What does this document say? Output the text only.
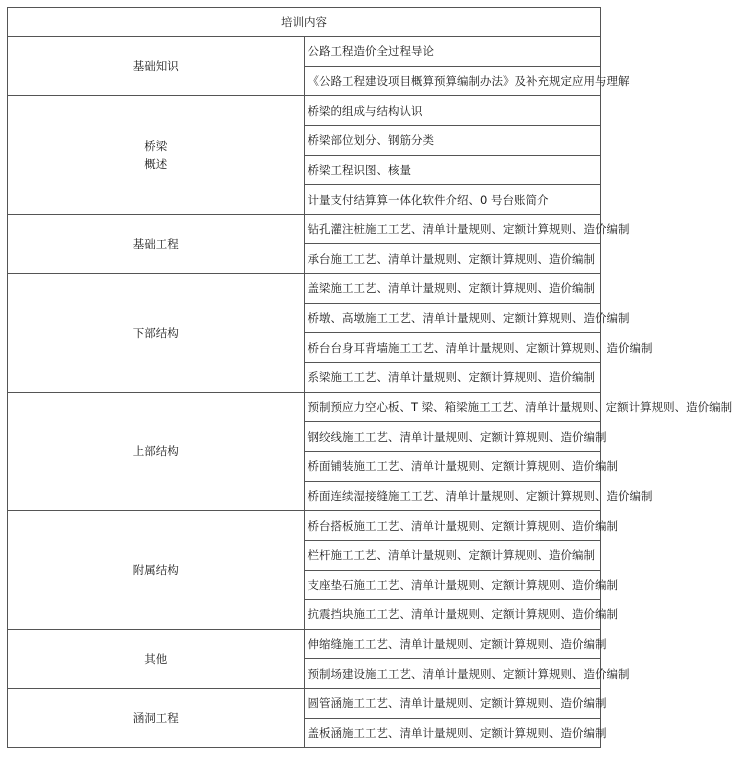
培训内容	
基础知识	公路工程造价全过程导论
	《公路工程建设项目概算预算编制办法》及补充规定应用与理解
桥梁概述	桥梁的组成与结构认识
	桥梁部位划分、钢筋分类
	桥梁工程识图、核量
	计量支付结算算一体化软件介绍、0 号台账简介
基础工程	钻孔灌注桩施工工艺、清单计量规则、定额计算规则、造价编制
	承台施工工艺、清单计量规则、定额计算规则、造价编制
下部结构	盖梁施工工艺、清单计量规则、定额计算规则、造价编制
	桥墩、高墩施工工艺、清单计量规则、定额计算规则、造价编制
	桥台台身耳背墙施工工艺、清单计量规则、定额计算规则、造价编制
	系梁施工工艺、清单计量规则、定额计算规则、造价编制
上部结构	预制预应力空心板、T 梁、箱梁施工工艺、清单计量规则、定额计算规则、造价编制
	钢绞线施工工艺、清单计量规则、定额计算规则、造价编制
	桥面铺装施工工艺、清单计量规则、定额计算规则、造价编制
	桥面连续湿接缝施工工艺、清单计量规则、定额计算规则、造价编制
附属结构	桥台搭板施工工艺、清单计量规则、定额计算规则、造价编制
	栏杆施工工艺、清单计量规则、定额计算规则、造价编制
	支座垫石施工工艺、清单计量规则、定额计算规则、造价编制
	抗震挡块施工工艺、清单计量规则、定额计算规则、造价编制
其他	伸缩缝施工工艺、清单计量规则、定额计算规则、造价编制
	预制场建设施工工艺、清单计量规则、定额计算规则、造价编制
涵洞工程	圆管涵施工工艺、清单计量规则、定额计算规则、造价编制
	盖板涵施工工艺、清单计量规则、定额计算规则、造价编制
